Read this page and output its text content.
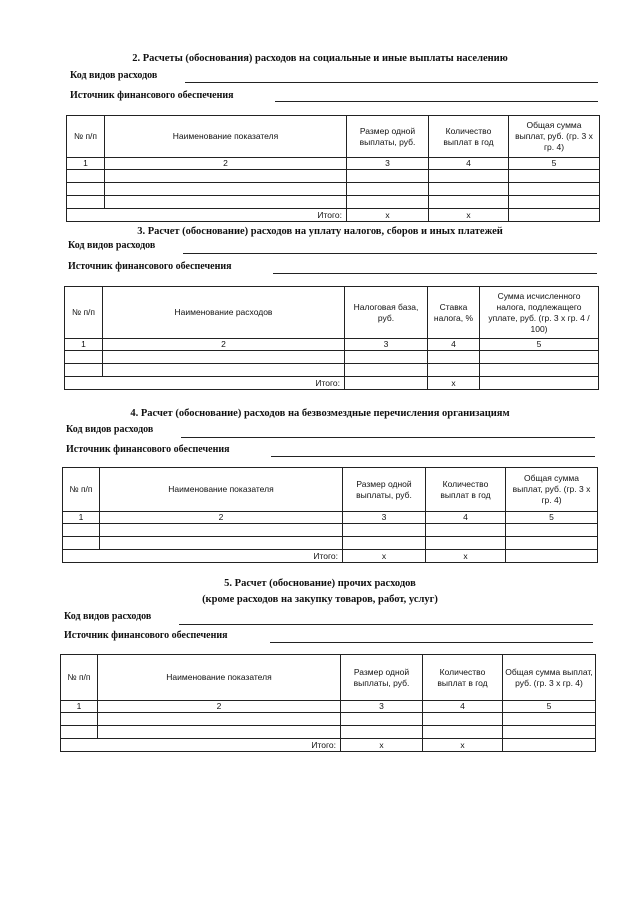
2. Расчеты (обоснования) расходов на социальные и иные выплаты населению
Код видов расходов
Источник финансового обеспечения
№ п/п	Наименование показателя	Размер одной выплаты, руб.	Количество выплат в год	Общая сумма выплат, руб. (гр. 3 х гр. 4)
1	2	3	4	5

Итого:		х	х	
3. Расчет (обоснование) расходов на уплату налогов, сборов и иных платежей
Код видов расходов
Источник финансового обеспечения
№ п/п	Наименование расходов	Налоговая база, руб.	Ставка налога, %	Сумма исчисленного налога, подлежащего уплате, руб. (гр. 3 х гр. 4 / 100)
1	2	3	4	5

Итого:			х	
4. Расчет (обоснование) расходов на безвозмездные перечисления организациям
Код видов расходов
Источник финансового обеспечения
№ п/п	Наименование показателя	Размер одной выплаты, руб.	Количество выплат в год	Общая сумма выплат, руб. (гр. 3 х гр. 4)
1	2	3	4	5

Итого:		х	х	
5. Расчет (обоснование) прочих расходов
(кроме расходов на закупку товаров, работ, услуг)
Код видов расходов
Источник финансового обеспечения
№ п/п	Наименование показателя	Размер одной выплаты, руб.	Количество выплат в год	Общая сумма выплат, руб. (гр. 3 х гр. 4)
1	2	3	4	5

Итого:		х	х	
